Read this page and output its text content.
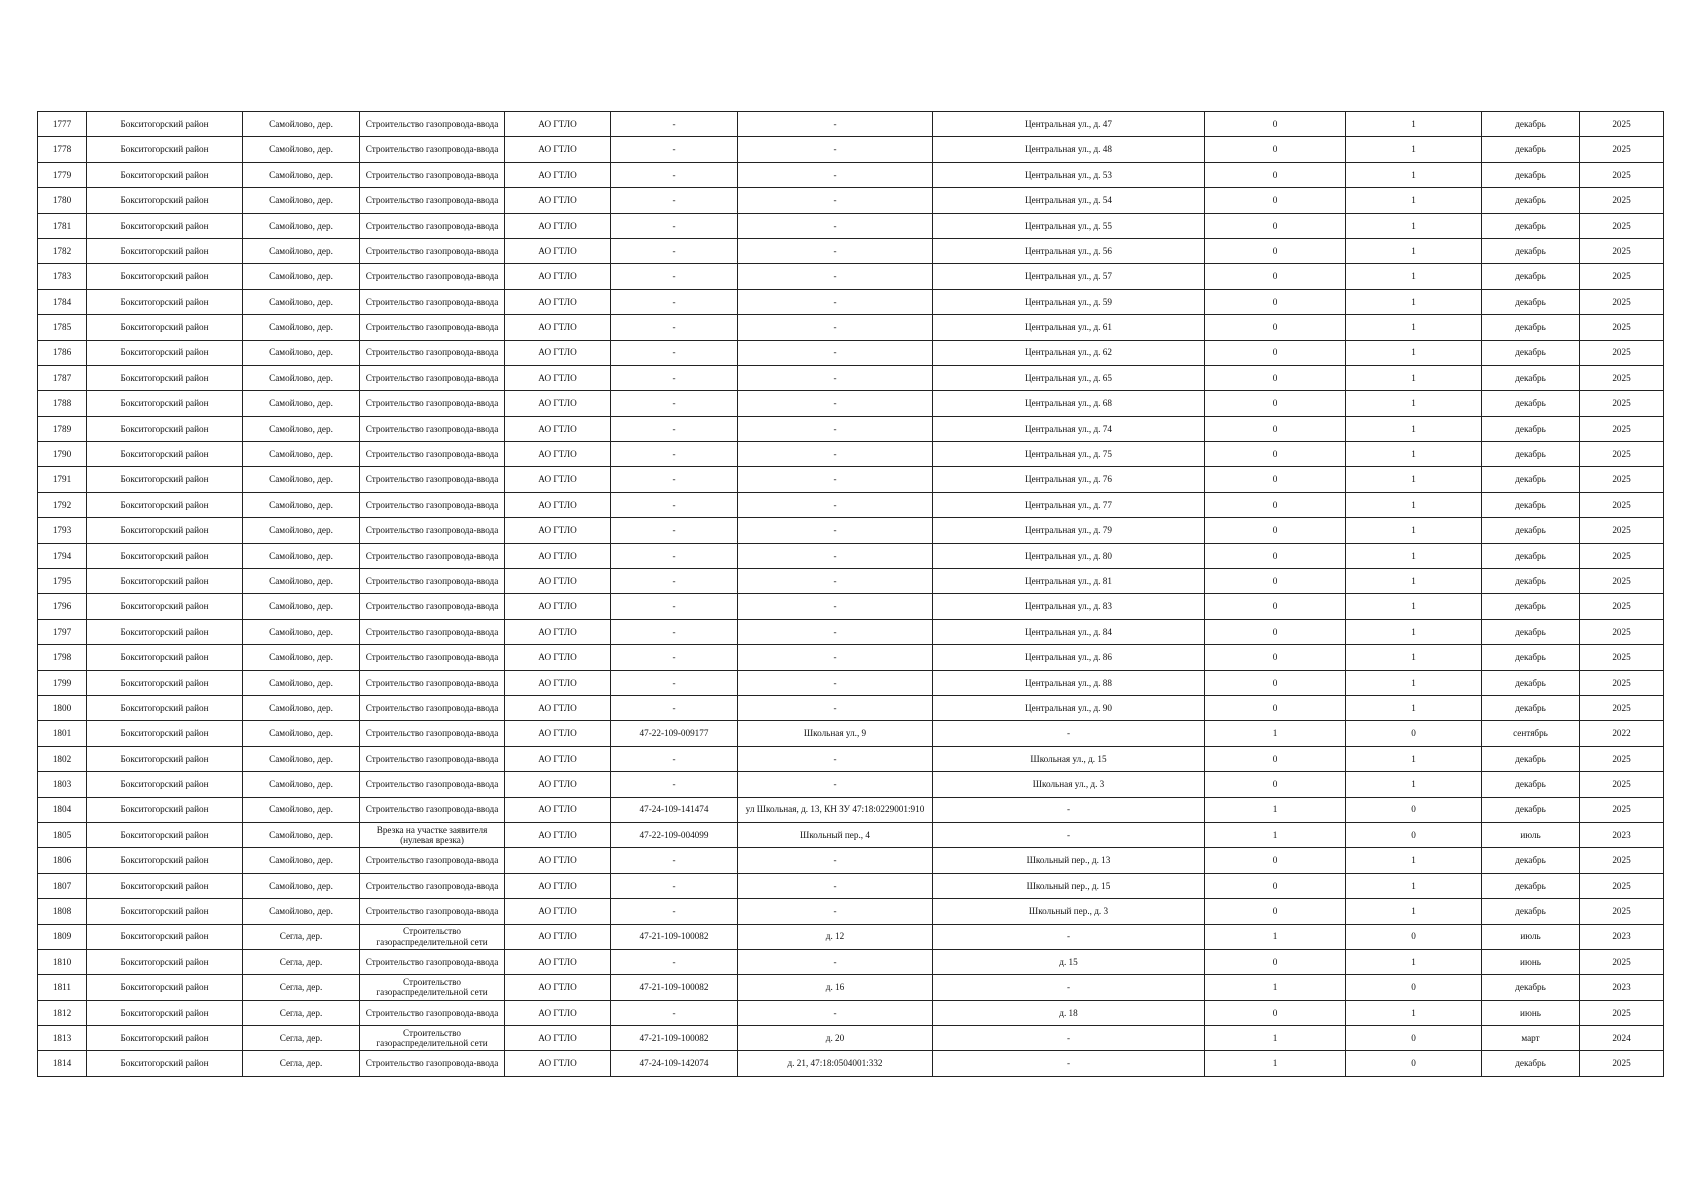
1777	Бокситогорский район	Самойлово, дер.	Строительство газопровода-ввода	АО ГТЛО	-	-	Центральная ул., д. 47	0	1	декабрь	2025
1778	Бокситогорский район	Самойлово, дер.	Строительство газопровода-ввода	АО ГТЛО	-	-	Центральная ул., д. 48	0	1	декабрь	2025
1779	Бокситогорский район	Самойлово, дер.	Строительство газопровода-ввода	АО ГТЛО	-	-	Центральная ул., д. 53	0	1	декабрь	2025
1780	Бокситогорский район	Самойлово, дер.	Строительство газопровода-ввода	АО ГТЛО	-	-	Центральная ул., д. 54	0	1	декабрь	2025
1781	Бокситогорский район	Самойлово, дер.	Строительство газопровода-ввода	АО ГТЛО	-	-	Центральная ул., д. 55	0	1	декабрь	2025
1782	Бокситогорский район	Самойлово, дер.	Строительство газопровода-ввода	АО ГТЛО	-	-	Центральная ул., д. 56	0	1	декабрь	2025
1783	Бокситогорский район	Самойлово, дер.	Строительство газопровода-ввода	АО ГТЛО	-	-	Центральная ул., д. 57	0	1	декабрь	2025
1784	Бокситогорский район	Самойлово, дер.	Строительство газопровода-ввода	АО ГТЛО	-	-	Центральная ул., д. 59	0	1	декабрь	2025
1785	Бокситогорский район	Самойлово, дер.	Строительство газопровода-ввода	АО ГТЛО	-	-	Центральная ул., д. 61	0	1	декабрь	2025
1786	Бокситогорский район	Самойлово, дер.	Строительство газопровода-ввода	АО ГТЛО	-	-	Центральная ул., д. 62	0	1	декабрь	2025
1787	Бокситогорский район	Самойлово, дер.	Строительство газопровода-ввода	АО ГТЛО	-	-	Центральная ул., д. 65	0	1	декабрь	2025
1788	Бокситогорский район	Самойлово, дер.	Строительство газопровода-ввода	АО ГТЛО	-	-	Центральная ул., д. 68	0	1	декабрь	2025
1789	Бокситогорский район	Самойлово, дер.	Строительство газопровода-ввода	АО ГТЛО	-	-	Центральная ул., д. 74	0	1	декабрь	2025
1790	Бокситогорский район	Самойлово, дер.	Строительство газопровода-ввода	АО ГТЛО	-	-	Центральная ул., д. 75	0	1	декабрь	2025
1791	Бокситогорский район	Самойлово, дер.	Строительство газопровода-ввода	АО ГТЛО	-	-	Центральная ул., д. 76	0	1	декабрь	2025
1792	Бокситогорский район	Самойлово, дер.	Строительство газопровода-ввода	АО ГТЛО	-	-	Центральная ул., д. 77	0	1	декабрь	2025
1793	Бокситогорский район	Самойлово, дер.	Строительство газопровода-ввода	АО ГТЛО	-	-	Центральная ул., д. 79	0	1	декабрь	2025
1794	Бокситогорский район	Самойлово, дер.	Строительство газопровода-ввода	АО ГТЛО	-	-	Центральная ул., д. 80	0	1	декабрь	2025
1795	Бокситогорский район	Самойлово, дер.	Строительство газопровода-ввода	АО ГТЛО	-	-	Центральная ул., д. 81	0	1	декабрь	2025
1796	Бокситогорский район	Самойлово, дер.	Строительство газопровода-ввода	АО ГТЛО	-	-	Центральная ул., д. 83	0	1	декабрь	2025
1797	Бокситогорский район	Самойлово, дер.	Строительство газопровода-ввода	АО ГТЛО	-	-	Центральная ул., д. 84	0	1	декабрь	2025
1798	Бокситогорский район	Самойлово, дер.	Строительство газопровода-ввода	АО ГТЛО	-	-	Центральная ул., д. 86	0	1	декабрь	2025
1799	Бокситогорский район	Самойлово, дер.	Строительство газопровода-ввода	АО ГТЛО	-	-	Центральная ул., д. 88	0	1	декабрь	2025
1800	Бокситогорский район	Самойлово, дер.	Строительство газопровода-ввода	АО ГТЛО	-	-	Центральная ул., д. 90	0	1	декабрь	2025
1801	Бокситогорский район	Самойлово, дер.	Строительство газопровода-ввода	АО ГТЛО	47-22-109-009177	Школьная ул., 9	-	1	0	сентябрь	2022
1802	Бокситогорский район	Самойлово, дер.	Строительство газопровода-ввода	АО ГТЛО	-	-	Школьная ул., д. 15	0	1	декабрь	2025
1803	Бокситогорский район	Самойлово, дер.	Строительство газопровода-ввода	АО ГТЛО	-	-	Школьная ул., д. 3	0	1	декабрь	2025
1804	Бокситогорский район	Самойлово, дер.	Строительство газопровода-ввода	АО ГТЛО	47-24-109-141474	ул Школьная, д. 13, КН ЗУ 47:18:0229001:910	-	1	0	декабрь	2025
1805	Бокситогорский район	Самойлово, дер.	Врезка на участке заявителя (нулевая врезка)	АО ГТЛО	47-22-109-004099	Школьный пер., 4	-	1	0	июль	2023
1806	Бокситогорский район	Самойлово, дер.	Строительство газопровода-ввода	АО ГТЛО	-	-	Школьный пер., д. 13	0	1	декабрь	2025
1807	Бокситогорский район	Самойлово, дер.	Строительство газопровода-ввода	АО ГТЛО	-	-	Школьный пер., д. 15	0	1	декабрь	2025
1808	Бокситогорский район	Самойлово, дер.	Строительство газопровода-ввода	АО ГТЛО	-	-	Школьный пер., д. 3	0	1	декабрь	2025
1809	Бокситогорский район	Сегла, дер.	Строительство газораспределительной сети	АО ГТЛО	47-21-109-100082	д. 12	-	1	0	июль	2023
1810	Бокситогорский район	Сегла, дер.	Строительство газопровода-ввода	АО ГТЛО	-	-	д. 15	0	1	июнь	2025
1811	Бокситогорский район	Сегла, дер.	Строительство газораспределительной сети	АО ГТЛО	47-21-109-100082	д. 16	-	1	0	декабрь	2023
1812	Бокситогорский район	Сегла, дер.	Строительство газопровода-ввода	АО ГТЛО	-	-	д. 18	0	1	июнь	2025
1813	Бокситогорский район	Сегла, дер.	Строительство газораспределительной сети	АО ГТЛО	47-21-109-100082	д. 20	-	1	0	март	2024
1814	Бокситогорский район	Сегла, дер.	Строительство газопровода-ввода	АО ГТЛО	47-24-109-142074	д. 21, 47:18:0504001:332	-	1	0	декабрь	2025
